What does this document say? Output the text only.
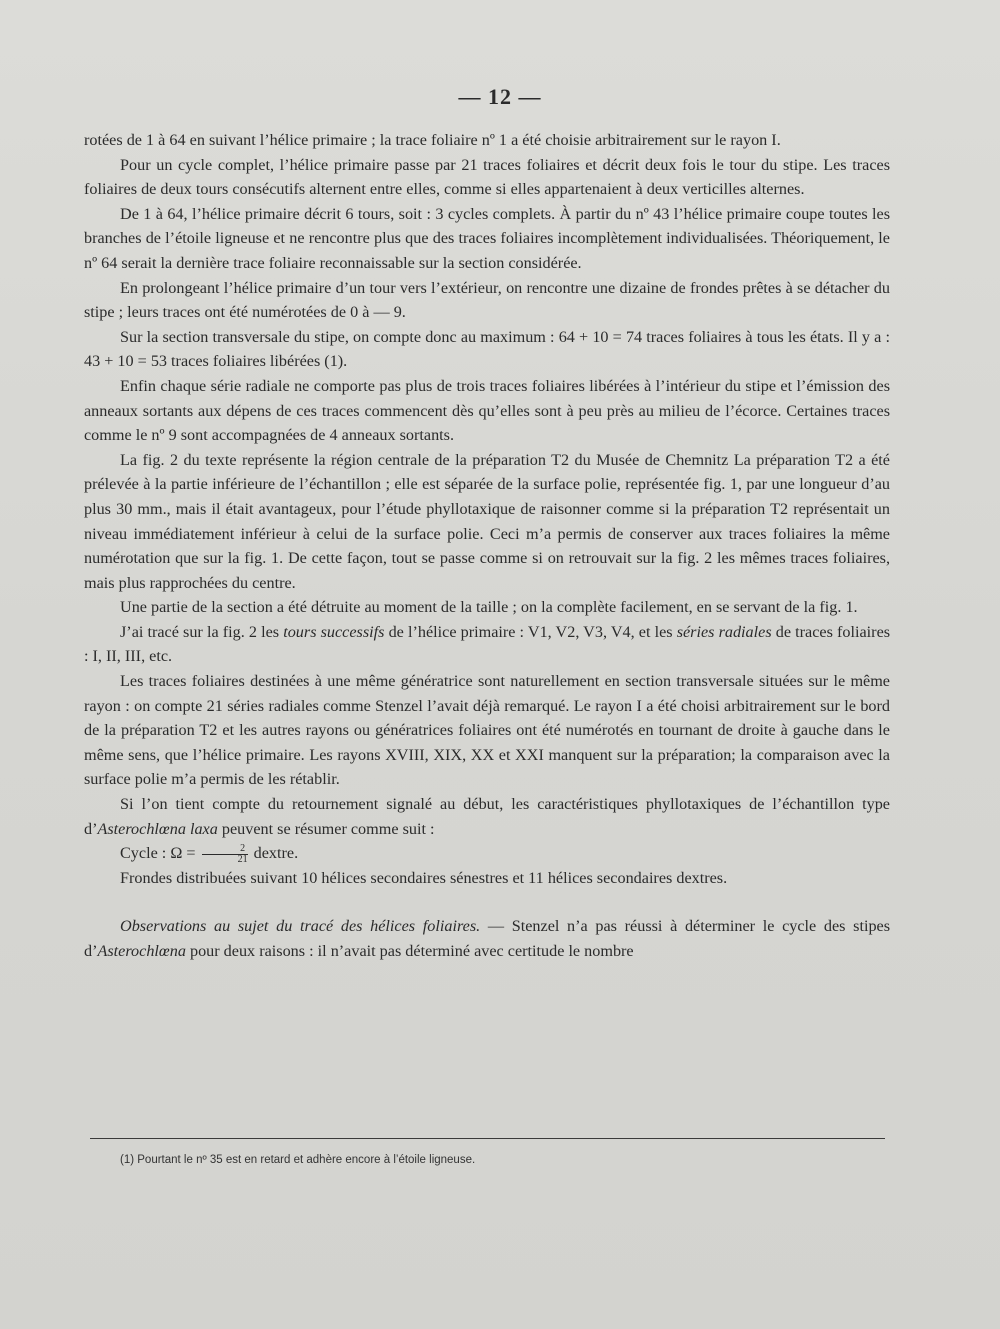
— 12 —

rotées de 1 à 64 en suivant l’hélice primaire ; la trace foliaire nº 1 a été choisie arbitrairement sur le rayon I.

Pour un cycle complet, l’hélice primaire passe par 21 traces foliaires et décrit deux fois le tour du stipe. Les traces foliaires de deux tours consécutifs alternent entre elles, comme si elles appartenaient à deux verticilles alternes.

De 1 à 64, l’hélice primaire décrit 6 tours, soit : 3 cycles complets. À partir du nº 43 l’hélice primaire coupe toutes les branches de l’étoile ligneuse et ne rencontre plus que des traces foliaires incomplètement individualisées. Théoriquement, le nº 64 serait la dernière trace foliaire reconnaissable sur la section considérée.

En prolongeant l’hélice primaire d’un tour vers l’extérieur, on rencontre une dizaine de frondes prêtes à se détacher du stipe ; leurs traces ont été numérotées de 0 à — 9.

Sur la section transversale du stipe, on compte donc au maximum : 64 + 10 = 74 traces foliaires à tous les états. Il y a : 43 + 10 = 53 traces foliaires libérées (1).

Enfin chaque série radiale ne comporte pas plus de trois traces foliaires libérées à l’intérieur du stipe et l’émission des anneaux sortants aux dépens de ces traces commencent dès qu’elles sont à peu près au milieu de l’écorce. Certaines traces comme le nº 9 sont accompagnées de 4 anneaux sortants.

La fig. 2 du texte représente la région centrale de la préparation T2 du Musée de Chemnitz La préparation T2 a été prélevée à la partie inférieure de l’échantillon ; elle est séparée de la surface polie, représentée fig. 1, par une longueur d’au plus 30 mm., mais il était avantageux, pour l’étude phyllotaxique de raisonner comme si la préparation T2 représentait un niveau immédiatement inférieur à celui de la surface polie. Ceci m’a permis de conserver aux traces foliaires la même numérotation que sur la fig. 1. De cette façon, tout se passe comme si on retrouvait sur la fig. 2 les mêmes traces foliaires, mais plus rapprochées du centre.

Une partie de la section a été détruite au moment de la taille ; on la complète facilement, en se servant de la fig. 1.

J’ai tracé sur la fig. 2 les tours successifs de l’hélice primaire : V1, V2, V3, V4, et les séries radiales de traces foliaires : I, II, III, etc.

Les traces foliaires destinées à une même génératrice sont naturellement en section transversale situées sur le même rayon : on compte 21 séries radiales comme Stenzel l’avait déjà remarqué. Le rayon I a été choisi arbitrairement sur le bord de la préparation T2 et les autres rayons ou génératrices foliaires ont été numérotés en tournant de droite à gauche dans le même sens, que l’hélice primaire. Les rayons XVIII, XIX, XX et XXI manquent sur la préparation; la comparaison avec la surface polie m’a permis de les rétablir.

Si l’on tient compte du retournement signalé au début, les caractéristiques phyllotaxiques de l’échantillon type d’Asterochlœna laxa peuvent se résumer comme suit :

Cycle : $\Omega = \frac{2}{21}$ dextre.

Frondes distribuées suivant 10 hélices secondaires sénestres et 11 hélices secondaires dextres.

Observations au sujet du tracé des hélices foliaires. — Stenzel n’a pas réussi à déterminer le cycle des stipes d’Asterochlœna pour deux raisons : il n’avait pas déterminé avec certitude le nombre

(1) Pourtant le nº 35 est en retard et adhère encore à l’étoile ligneuse.
